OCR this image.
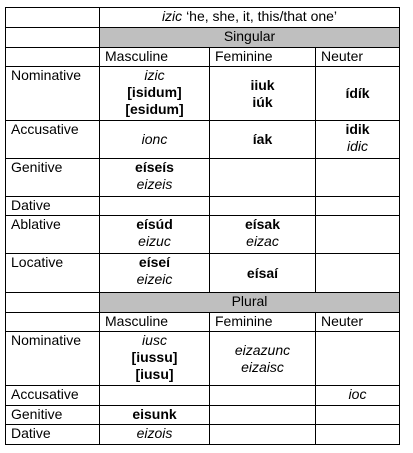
	izic ‘he, she, it, this/that one’		
	Singular		
	Masculine	Feminine	Neuter
Nominative	izic
[isidum]
[esidum]	iiuk
iúk	ídík

Accusative	ionc	íak	idik
idic

Genitive	eíseís
eizeis		

Dative			
Ablative	eísúd
eizuc	eísak
eizac	

Locative	eíseí
eizeic	eísaí	

	Plural		
	Masculine	Feminine	Neuter
Nominative	iusc
[iussu]
[iusu]	eizazunc
eizaisc	

Accusative			ioc

Genitive	eisunk		

Dative	eizois		
